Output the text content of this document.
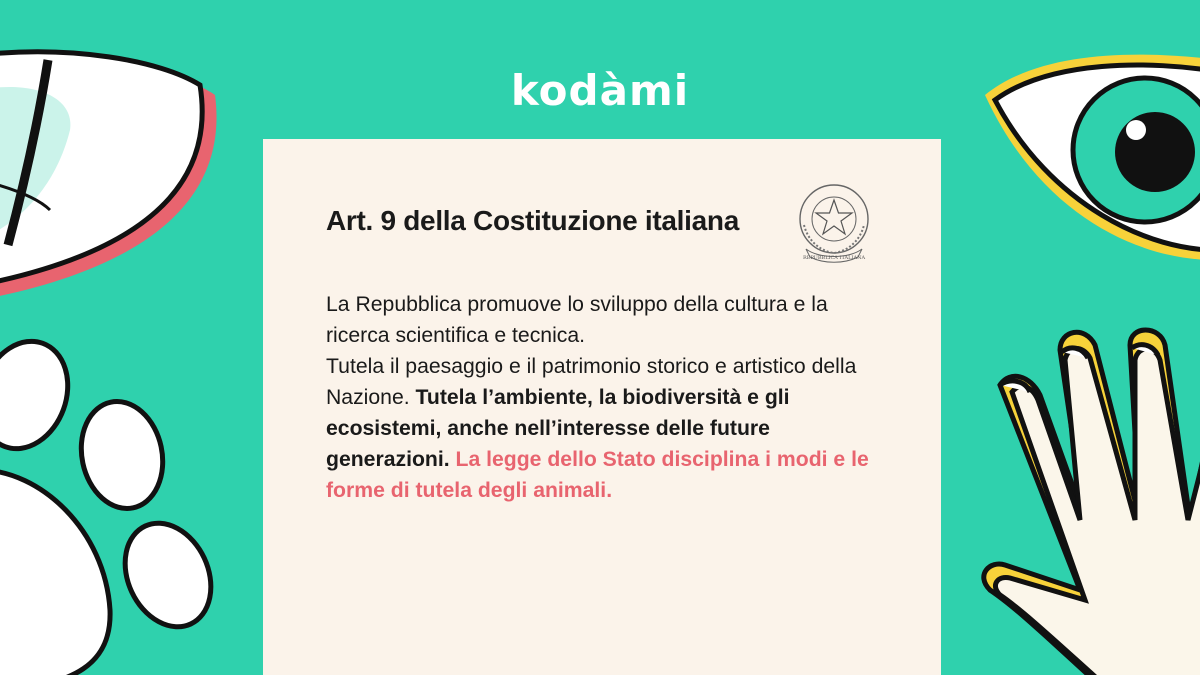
kodàmi
Art. 9 della Costituzione italiana
REPUBBLICA ITALIANA

La Repubblica promuove lo sviluppo della cultura e la ricerca scientifica e tecnica.
Tutela il paesaggio e il patrimonio storico e artistico della Nazione. Tutela l’ambiente, la biodiversità e gli ecosistemi, anche nell’interesse delle future generazioni. La legge dello Stato disciplina i modi e le forme di tutela degli animali.
